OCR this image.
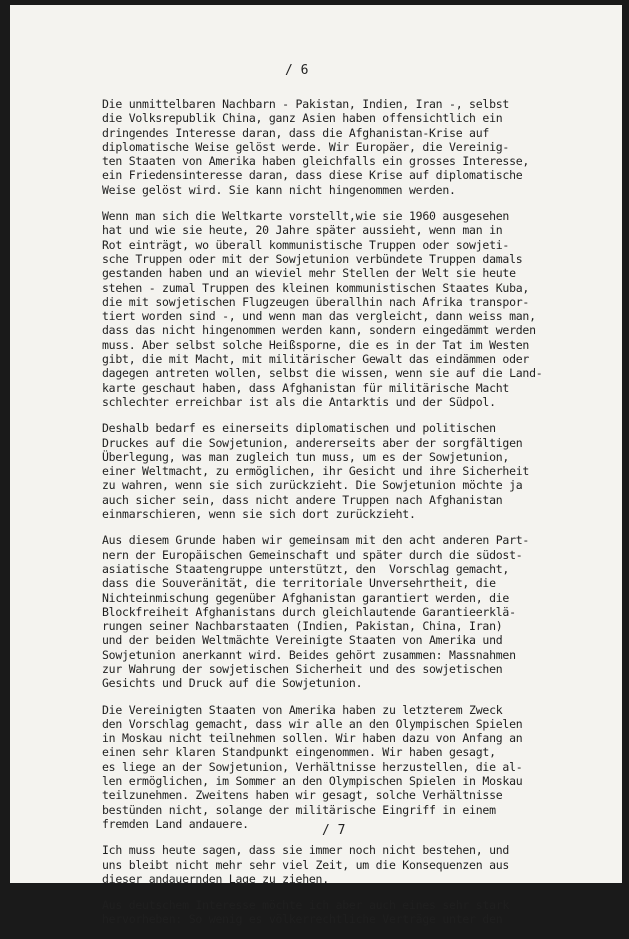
/ 6
Die unmittelbaren Nachbarn - Pakistan, Indien, Iran -, selbst
die Volksrepublik China, ganz Asien haben offensichtlich ein
dringendes Interesse daran, dass die Afghanistan-Krise auf
diplomatische Weise gelöst werde. Wir Europäer, die Vereinig-
ten Staaten von Amerika haben gleichfalls ein grosses Interesse,
ein Friedensinteresse daran, dass diese Krise auf diplomatische
Weise gelöst wird. Sie kann nicht hingenommen werden.
Wenn man sich die Weltkarte vorstellt,wie sie 1960 ausgesehen
hat und wie sie heute, 20 Jahre später aussieht, wenn man in
Rot einträgt, wo überall kommunistische Truppen oder sowjeti-
sche Truppen oder mit der Sowjetunion verbündete Truppen damals
gestanden haben und an wieviel mehr Stellen der Welt sie heute
stehen - zumal Truppen des kleinen kommunistischen Staates Kuba,
die mit sowjetischen Flugzeugen überallhin nach Afrika transpor-
tiert worden sind -, und wenn man das vergleicht, dann weiss man,
dass das nicht hingenommen werden kann, sondern eingedämmt werden
muss. Aber selbst solche Heißsporne, die es in der Tat im Westen
gibt, die mit Macht, mit militärischer Gewalt das eindämmen oder
dagegen antreten wollen, selbst die wissen, wenn sie auf die Land-
karte geschaut haben, dass Afghanistan für militärische Macht
schlechter erreichbar ist als die Antarktis und der Südpol.
Deshalb bedarf es einerseits diplomatischen und politischen
Druckes auf die Sowjetunion, andererseits aber der sorgfältigen
Überlegung, was man zugleich tun muss, um es der Sowjetunion,
einer Weltmacht, zu ermöglichen, ihr Gesicht und ihre Sicherheit
zu wahren, wenn sie sich zurückzieht. Die Sowjetunion möchte ja
auch sicher sein, dass nicht andere Truppen nach Afghanistan
einmarschieren, wenn sie sich dort zurückzieht.
Aus diesem Grunde haben wir gemeinsam mit den acht anderen Part-
nern der Europäischen Gemeinschaft und später durch die südost-
asiatische Staatengruppe unterstützt, den  Vorschlag gemacht,
dass die Souveränität, die territoriale Unversehrtheit, die
Nichteinmischung gegenüber Afghanistan garantiert werden, die
Blockfreiheit Afghanistans durch gleichlautende Garantieerklä-
rungen seiner Nachbarstaaten (Indien, Pakistan, China, Iran)
und der beiden Weltmächte Vereinigte Staaten von Amerika und
Sowjetunion anerkannt wird. Beides gehört zusammen: Massnahmen
zur Wahrung der sowjetischen Sicherheit und des sowjetischen
Gesichts und Druck auf die Sowjetunion.
Die Vereinigten Staaten von Amerika haben zu letzterem Zweck
den Vorschlag gemacht, dass wir alle an den Olympischen Spielen
in Moskau nicht teilnehmen sollen. Wir haben dazu von Anfang an
einen sehr klaren Standpunkt eingenommen. Wir haben gesagt,
es liege an der Sowjetunion, Verhältnisse herzustellen, die al-
len ermöglichen, im Sommer an den Olympischen Spielen in Moskau
teilzunehmen. Zweitens haben wir gesagt, solche Verhältnisse
bestünden nicht, solange der militärische Eingriff in einem
fremden Land andauere.
Ich muss heute sagen, dass sie immer noch nicht bestehen, und
uns bleibt nicht mehr sehr viel Zeit, um die Konsequenzen aus
dieser andauernden Lage zu ziehen.
Aus deutschem Interesse möchte ich aber auch eines sehr stark
hervorheben: So wenig es völkerrechtliche Verträge unter den
/ 7
